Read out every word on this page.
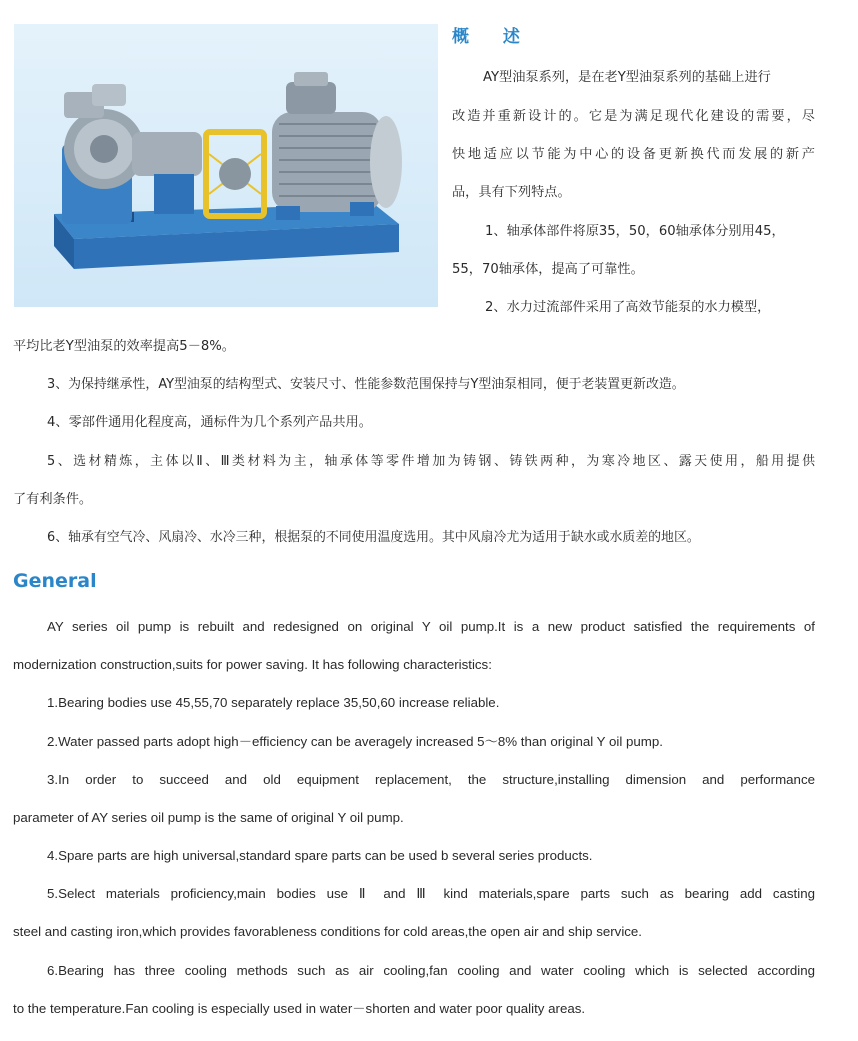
概 述
AY型油泵系列，是在老Y型油泵系列的基础上进行
改造并重新设计的。它是为满足现代化建设的需要，尽
快地适应以节能为中心的设备更新换代而发展的新产
品，具有下列特点。
1、轴承体部件将原35，50，60轴承体分别用45，
55，70轴承体，提高了可靠性。
2、水力过流部件采用了高效节能泵的水力模型，
平均比老Y型油泵的效率提高5－8%。
3、为保持继承性，AY型油泵的结构型式、安装尺寸、性能参数范围保持与Y型油泵相同，便于老装置更新改造。
4、零部件通用化程度高，通标件为几个系列产品共用。
5、选材精炼，主体以Ⅱ、Ⅲ类材料为主，轴承体等零件增加为铸钢、铸铁两种，为寒冷地区、露天使用，船用提供
了有利条件。
6、轴承有空气冷、风扇冷、水冷三种，根据泵的不同使用温度选用。其中风扇冷尤为适用于缺水或水质差的地区。
General
AY series oil pump is rebuilt and redesigned on original Y oil pump.It is a new product satisfied the requirements of
modernization construction,suits for power saving. It has following characteristics:
1.Bearing bodies use 45,55,70 separately replace 35,50,60 increase reliable.
2.Water passed parts adopt high－efficiency can be averagely increased 5～8% than original Y oil pump.
3.In order to succeed and old equipment replacement, the structure,installing dimension and performance
parameter of AY series oil pump is the same of original Y oil pump.
4.Spare parts are high universal,standard spare parts can be used b several series products.
5.Select materials proficiency,main bodies use Ⅱ and Ⅲ kind materials,spare parts such as bearing add casting
steel and casting iron,which provides favorableness conditions for cold areas,the open air and ship service.
6.Bearing has three cooling methods such as air cooling,fan cooling and water cooling which is selected according
to the temperature.Fan cooling is especially used in water－shorten and water poor quality areas.
